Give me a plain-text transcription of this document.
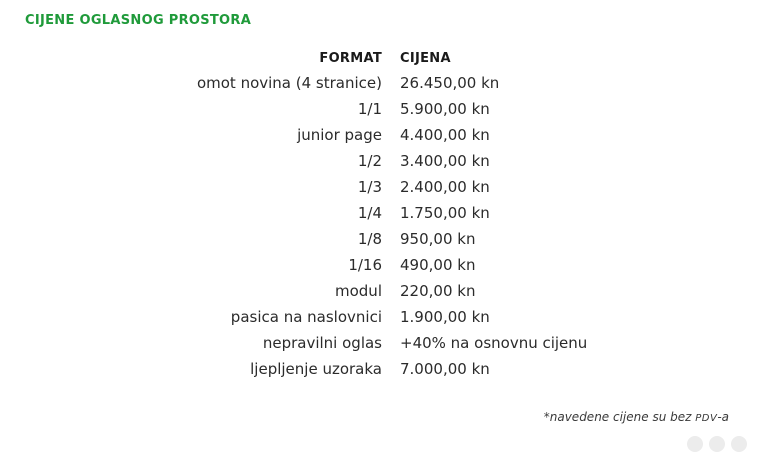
CIJENE OGLASNOG PROSTORA
FORMAT CIJENA
omot novina (4 stranice) 26.450,00 kn
1/1 5.900,00 kn
junior page 4.400,00 kn
1/2 3.400,00 kn
1/3 2.400,00 kn
1/4 1.750,00 kn
1/8 950,00 kn
1/16 490,00 kn
modul 220,00 kn
pasica na naslovnici 1.900,00 kn
nepravilni oglas +40% na osnovnu cijenu
ljepljenje uzoraka 7.000,00 kn
*navedene cijene su bez PDV-a
